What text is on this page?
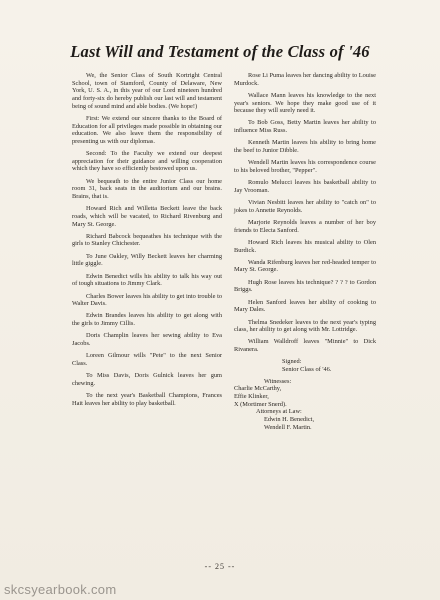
Last Will and Testament of the Class of '46

We, the Senior Class of South Kortright Central School, town of Stamford, County of Delaware, New York, U. S. A., in this year of our Lord nineteen hundred and forty-six do hereby publish our last will and testament being of sound mind and able bodies. (We hope!)

First: We extend our sincere thanks to the Board of Education for all privileges made possible in obtaining our education. We also leave them the responsibility of presenting us with our diplomas.

Second: To the Faculty we extend our deepest appreciation for their guidance and willing cooperation which they have so efficiently bestowed upon us.

We bequeath to the entire Junior Class our home room 31, back seats in the auditorium and our brains. Brains, that is.

Howard Rich and Willetta Beckett leave the back roads, which will be vacated, to Richard Rivenburg and Mary St. George.

Richard Babcock bequeathes his technique with the girls to Stanley Chichester.

To June Oakley, Willy Beckett leaves her charming little giggle.

Edwin Benedict wills his ability to talk his way out of tough situations to Jimmy Clark.

Charles Bower leaves his ability to get into trouble to Walter Davis.

Edwin Brandes leaves his ability to get along with the girls to Jimmy Cillis.

Doris Champlin leaves her sewing ability to Eva Jacobs.

Loreen Gilmour wills "Pete" to the next Senior Class.

To Miss Davis, Doris Gulnick leaves her gum chewing.

To the next year's Basketball Champions, Frances Hait leaves her ability to play basketball.

Rose Li Puma leaves her dancing ability to Louise Murdock.

Wallace Mann leaves his knowledge to the next year's seniors. We hope they make good use of it because they will surely need it.

To Bob Goss, Betty Martin leaves her ability to influence Miss Russ.

Kenneth Martin leaves his ability to bring home the beef to Junior Dibble.

Wendell Martin leaves his correspondence course to his beloved brother, "Pepper".

Romulo Melucci leaves his basketball ability to Jay Vrooman.

Vivian Nesbitt leaves her ability to "catch on" to jokes to Annette Reynolds.

Marjorie Reynolds leaves a number of her boy friends to Electa Sanford.

Howard Rich leaves his musical ability to Olen Burdick.

Wanda Rifenburg leaves her red-headed temper to Mary St. George.

Hugh Rose leaves his technique? ? ? ? to Gordon Briggs.

Helen Sanford leaves her ability of cooking to Mary Dales.

Thelma Snedeker leaves to the next year's typing class, her ability to get along with Mr. Lottridge.

William Walldroff leaves "Minnie" to Dick Rivanera.

Signed:
Senior Class of '46.
Witnesses:
Charlie McCarthy,
Effie Klinker,
X (Mortimer Snerd).
Attorneys at Law:
Edwin H. Benedict,
Wendell F. Martin.
-- 25 --
skcsyearbook.com
